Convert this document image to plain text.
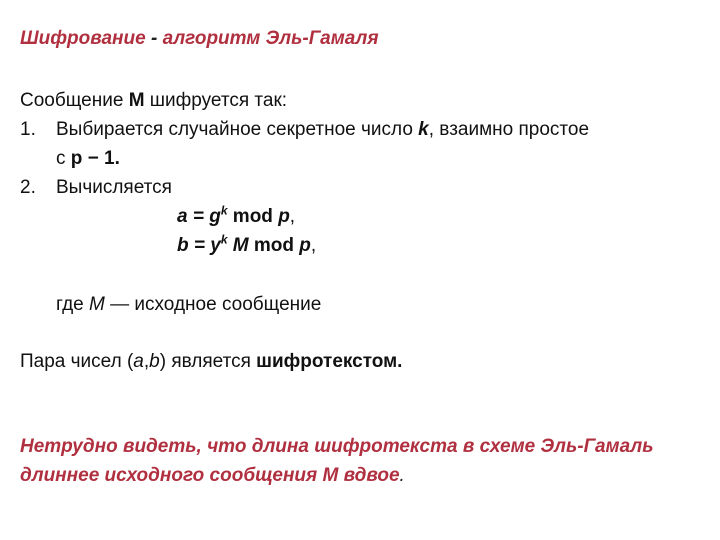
Шифрование - алгоритм Эль-Гамаля
Сообщение M шифруется так:
1. Выбирается случайное секретное число k, взаимно простое
с p − 1.
2. Вычисляется
$a = g^k$ mod p,
$b = y^k$ M mod p,
где M — исходное сообщение
Пара чисел (a,b) является шифротекстом.
Нетрудно видеть, что длина шифротекста в схеме Эль-Гамаль длиннее исходного сообщения M вдвое.
